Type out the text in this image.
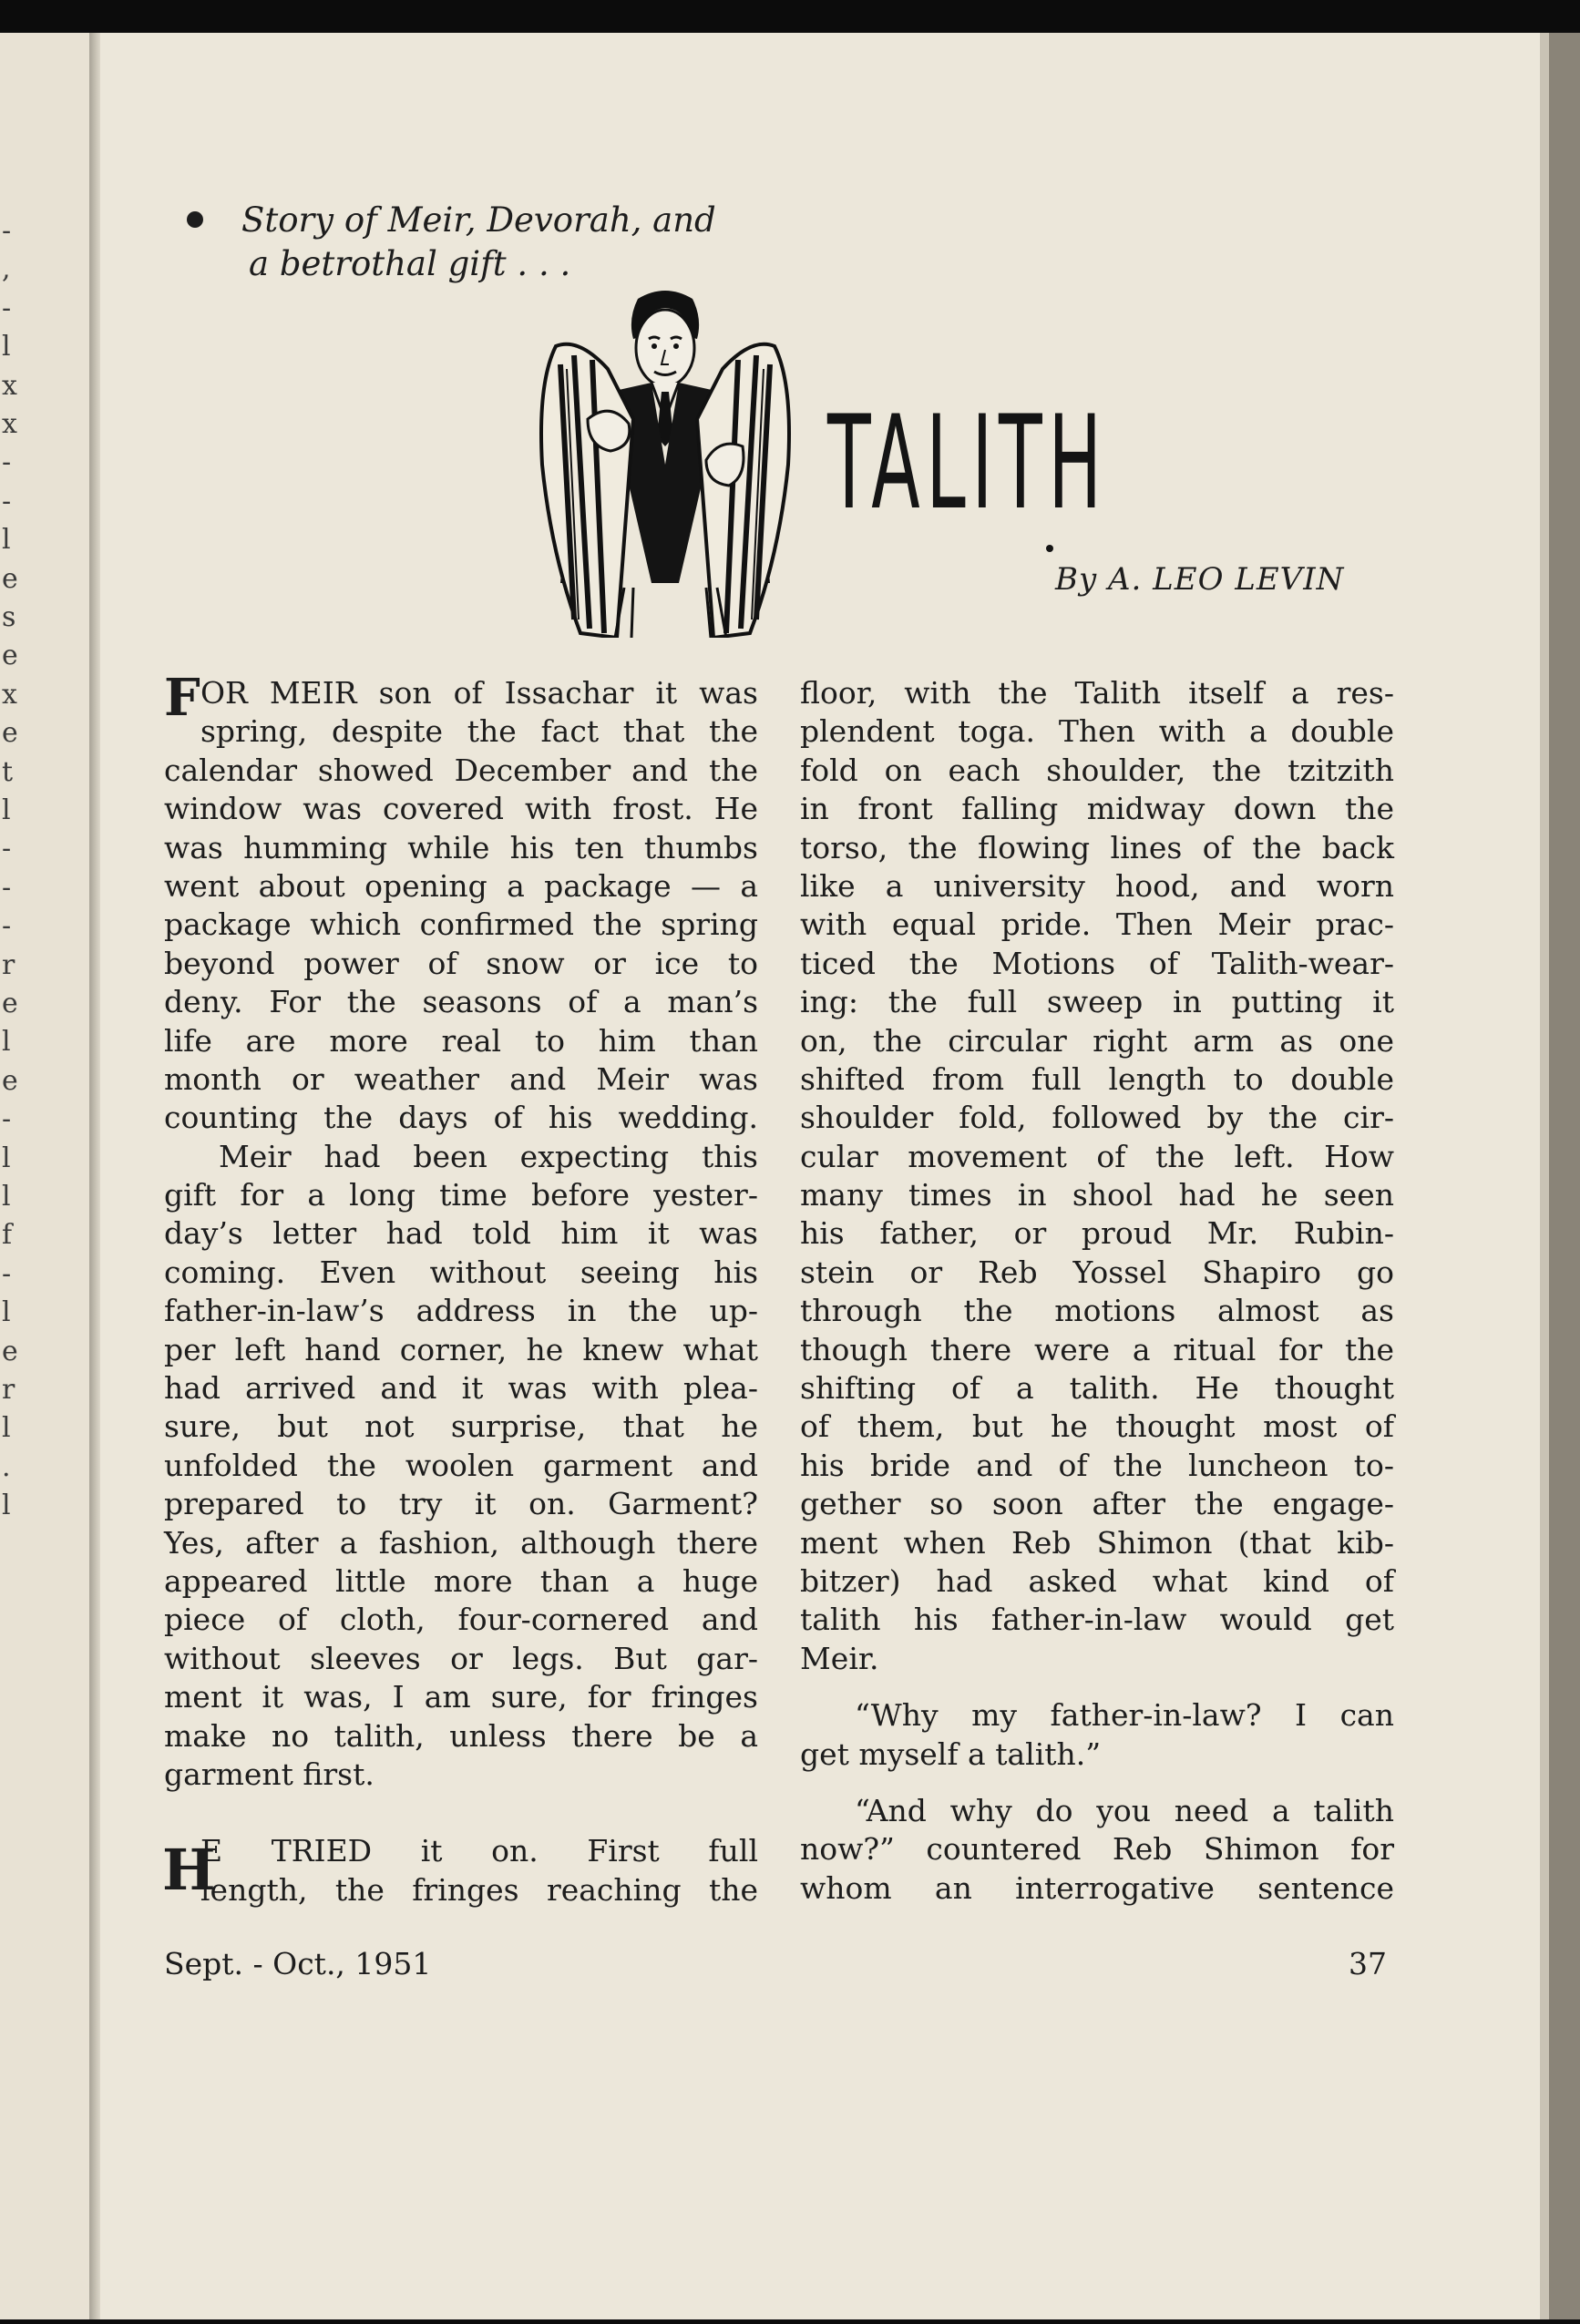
-
,
-
l
x
x
-
-
l
e
s
e
x
e
t
l
-
-
-
r
e
l
e
-
l
l
f
-
l
e
r
l
.
l
Story of Meir, Devorah, and
a betrothal gift . . .
TALITH
By A. LEO LEVIN
F OR MEIR son of Issachar it was
spring, despite the fact that the
calendar showed December and the
window was covered with frost. He
was humming while his ten thumbs
went about opening a package — a
package which confirmed the spring
beyond power of snow or ice to
deny. For the seasons of a man’s
life are more real to him than
month or weather and Meir was
counting the days of his wedding.
Meir had been expecting this
gift for a long time before yester-
day’s letter had told him it was
coming. Even without seeing his
father-in-law’s address in the up-
per left hand corner, he knew what
had arrived and it was with plea-
sure, but not surprise, that he
unfolded the woolen garment and
prepared to try it on. Garment?
Yes, after a fashion, although there
appeared little more than a huge
piece of cloth, four-cornered and
without sleeves or legs. But gar-
ment it was, I am sure, for fringes
make no talith, unless there be a
garment first.
E TRIED it on. First full
length, the fringes reaching the
H
floor, with the Talith itself a res-
plendent toga. Then with a double
fold on each shoulder, the tzitzith
in front falling midway down the
torso, the flowing lines of the back
like a university hood, and worn
with equal pride. Then Meir prac-
ticed the Motions of Talith-wear-
ing: the full sweep in putting it
on, the circular right arm as one
shifted from full length to double
shoulder fold, followed by the cir-
cular movement of the left. How
many times in shool had he seen
his father, or proud Mr. Rubin-
stein or Reb Yossel Shapiro go
through the motions almost as
though there were a ritual for the
shifting of a talith. He thought
of them, but he thought most of
his bride and of the luncheon to-
gether so soon after the engage-
ment when Reb Shimon (that kib-
bitzer) had asked what kind of
talith his father-in-law would get
Meir.
“Why my father-in-law? I can
get myself a talith.”
“And why do you need a talith
now?” countered Reb Shimon for
whom an interrogative sentence
Sept. - Oct., 1951	37
